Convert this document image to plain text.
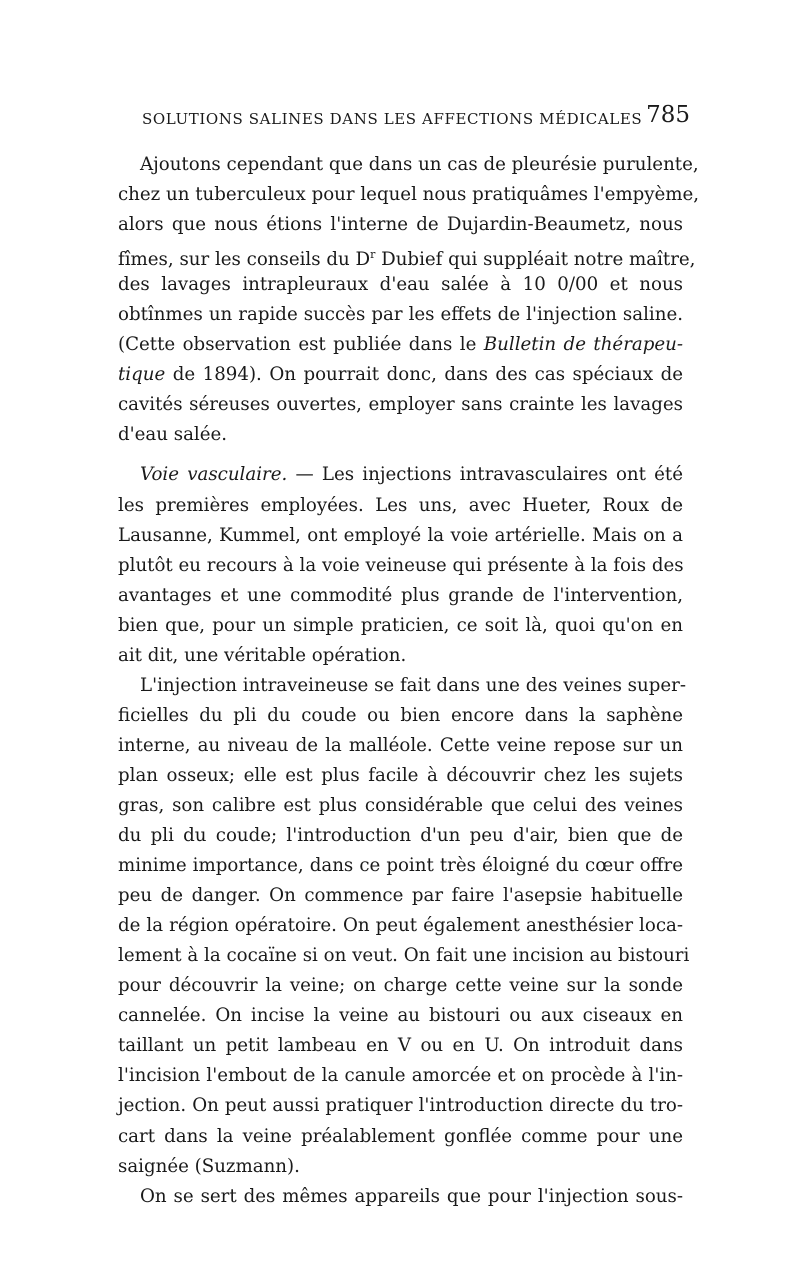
SOLUTIONS SALINES DANS LES AFFECTIONS MÉDICALES 785
Ajoutons cependant que dans un cas de pleurésie purulente,
chez un tuberculeux pour lequel nous pratiquâmes l'empyème,
alors que nous étions l'interne de Dujardin-Beaumetz, nous
fîmes, sur les conseils du $D^r$ Dubief qui suppléait notre maître,
des lavages intrapleuraux d'eau salée à 10 0/00 et nous
obtînmes un rapide succès par les effets de l'injection saline.
(Cette observation est publiée dans le Bulletin de thérapeu-
tique de 1894). On pourrait donc, dans des cas spéciaux de
cavités séreuses ouvertes, employer sans crainte les lavages
d'eau salée.
Voie vasculaire. — Les injections intravasculaires ont été
les premières employées. Les uns, avec Hueter, Roux de
Lausanne, Kummel, ont employé la voie artérielle. Mais on a
plutôt eu recours à la voie veineuse qui présente à la fois des
avantages et une commodité plus grande de l'intervention,
bien que, pour un simple praticien, ce soit là, quoi qu'on en
ait dit, une véritable opération.
L'injection intraveineuse se fait dans une des veines super-
ficielles du pli du coude ou bien encore dans la saphène
interne, au niveau de la malléole. Cette veine repose sur un
plan osseux; elle est plus facile à découvrir chez les sujets
gras, son calibre est plus considérable que celui des veines
du pli du coude; l'introduction d'un peu d'air, bien que de
minime importance, dans ce point très éloigné du cœur offre
peu de danger. On commence par faire l'asepsie habituelle
de la région opératoire. On peut également anesthésier loca-
lement à la cocaïne si on veut. On fait une incision au bistouri
pour découvrir la veine; on charge cette veine sur la sonde
cannelée. On incise la veine au bistouri ou aux ciseaux en
taillant un petit lambeau en V ou en U. On introduit dans
l'incision l'embout de la canule amorcée et on procède à l'in-
jection. On peut aussi pratiquer l'introduction directe du tro-
cart dans la veine préalablement gonflée comme pour une
saignée (Suzmann).
On se sert des mêmes appareils que pour l'injection sous-
